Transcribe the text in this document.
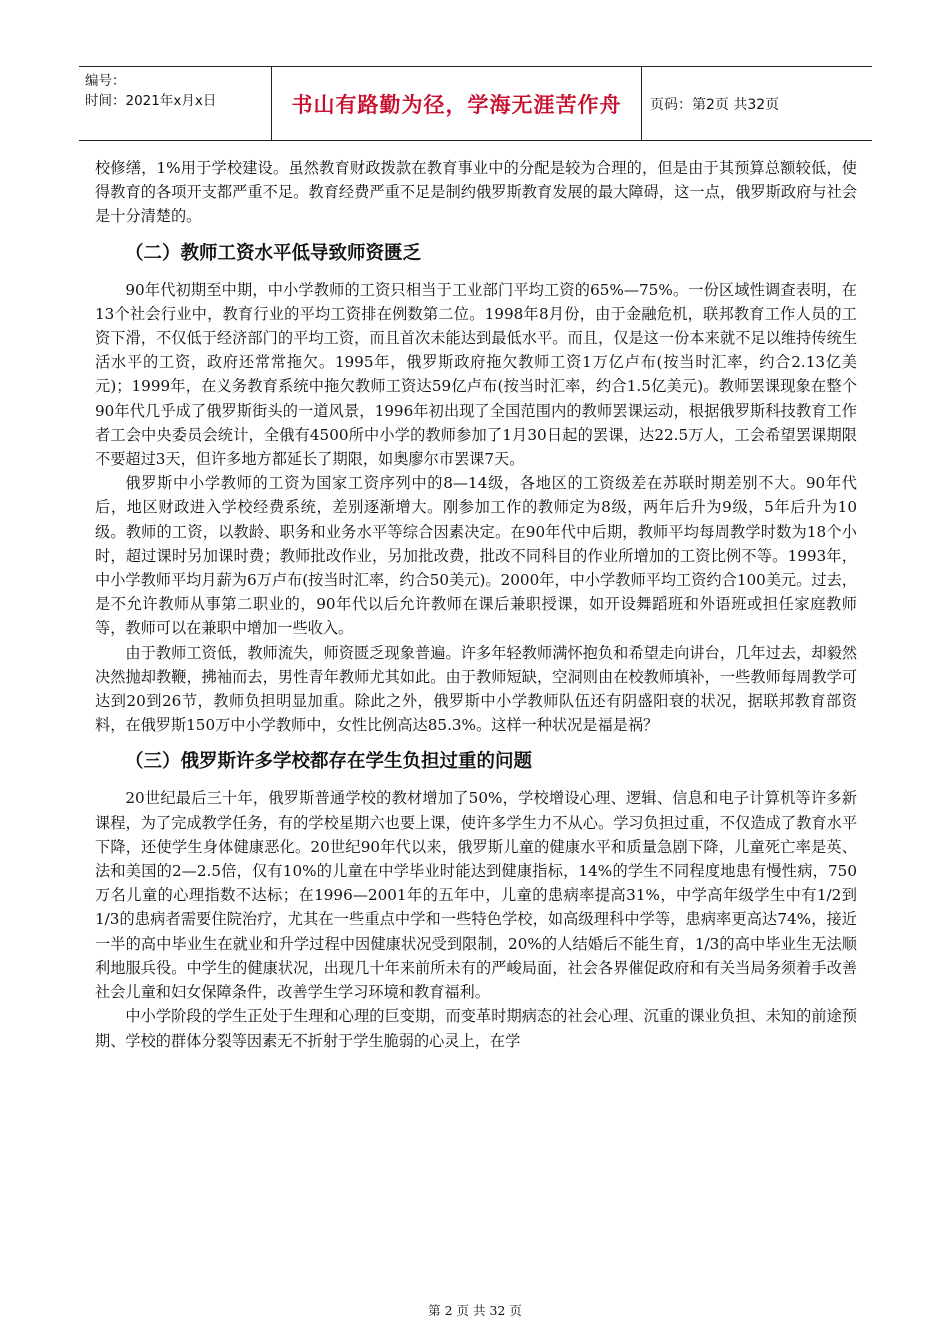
编号：
时间：2021年x月x日	书山有路勤为径，学海无涯苦作舟	页码：第2页 共32页

校修缮，1%用于学校建设。虽然教育财政拨款在教育事业中的分配是较为合理的，但是由于其预算总额较低，使得教育的各项开支都严重不足。教育经费严重不足是制约俄罗斯教育发展的最大障碍，这一点，俄罗斯政府与社会是十分清楚的。

（二）教师工资水平低导致师资匮乏

90年代初期至中期，中小学教师的工资只相当于工业部门平均工资的65%—75%。一份区域性调查表明，在13个社会行业中，教育行业的平均工资排在例数第二位。1998年8月份，由于金融危机，联邦教育工作人员的工资下滑，不仅低于经济部门的平均工资，而且首次未能达到最低水平。而且，仅是这一份本来就不足以维持传统生活水平的工资，政府还常常拖欠。1995年，俄罗斯政府拖欠教师工资1万亿卢布(按当时汇率，约合2.13亿美元)；1999年，在义务教育系统中拖欠教师工资达59亿卢布(按当时汇率，约合1.5亿美元)。教师罢课现象在整个90年代几乎成了俄罗斯街头的一道风景，1996年初出现了全国范围内的教师罢课运动，根据俄罗斯科技教育工作者工会中央委员会统计，全俄有4500所中小学的教师参加了1月30日起的罢课，达22.5万人，工会希望罢课期限不要超过3天，但许多地方都延长了期限，如奥廖尔市罢课7天。

俄罗斯中小学教师的工资为国家工资序列中的8—14级，各地区的工资级差在苏联时期差别不大。90年代后，地区财政进入学校经费系统，差别逐渐增大。刚参加工作的教师定为8级，两年后升为9级，5年后升为10级。教师的工资，以教龄、职务和业务水平等综合因素决定。在90年代中后期，教师平均每周教学时数为18个小时，超过课时另加课时费；教师批改作业，另加批改费，批改不同科目的作业所增加的工资比例不等。1993年，中小学教师平均月薪为6万卢布(按当时汇率，约合50美元)。2000年，中小学教师平均工资约合100美元。过去，是不允许教师从事第二职业的，90年代以后允许教师在课后兼职授课，如开设舞蹈班和外语班或担任家庭教师等，教师可以在兼职中增加一些收入。

由于教师工资低，教师流失，师资匮乏现象普遍。许多年轻教师满怀抱负和希望走向讲台，几年过去，却毅然决然抛却教鞭，拂袖而去，男性青年教师尤其如此。由于教师短缺，空洞则由在校教师填补，一些教师每周教学可达到20到26节，教师负担明显加重。除此之外，俄罗斯中小学教师队伍还有阴盛阳衰的状况，据联邦教育部资料，在俄罗斯150万中小学教师中，女性比例高达85.3%。这样一种状况是福是祸？

（三）俄罗斯许多学校都存在学生负担过重的问题

20世纪最后三十年，俄罗斯普通学校的教材增加了50%，学校增设心理、逻辑、信息和电子计算机等许多新课程，为了完成教学任务，有的学校星期六也要上课，使许多学生力不从心。学习负担过重，不仅造成了教育水平下降，还使学生身体健康恶化。20世纪90年代以来，俄罗斯儿童的健康水平和质量急剧下降，儿童死亡率是英、法和美国的2—2.5倍，仅有10%的儿童在中学毕业时能达到健康指标，14%的学生不同程度地患有慢性病，750万名儿童的心理指数不达标；在1996—2001年的五年中，儿童的患病率提高31%，中学高年级学生中有1/2到1/3的患病者需要住院治疗，尤其在一些重点中学和一些特色学校，如高级理科中学等，患病率更高达74%，接近一半的高中毕业生在就业和升学过程中因健康状况受到限制，20%的人结婚后不能生育，1/3的高中毕业生无法顺利地服兵役。中学生的健康状况，出现几十年来前所未有的严峻局面，社会各界催促政府和有关当局务须着手改善社会儿童和妇女保障条件，改善学生学习环境和教育福利。

中小学阶段的学生正处于生理和心理的巨变期，而变革时期病态的社会心理、沉重的课业负担、未知的前途预期、学校的群体分裂等因素无不折射于学生脆弱的心灵上，在学

第 2 页 共 32 页
